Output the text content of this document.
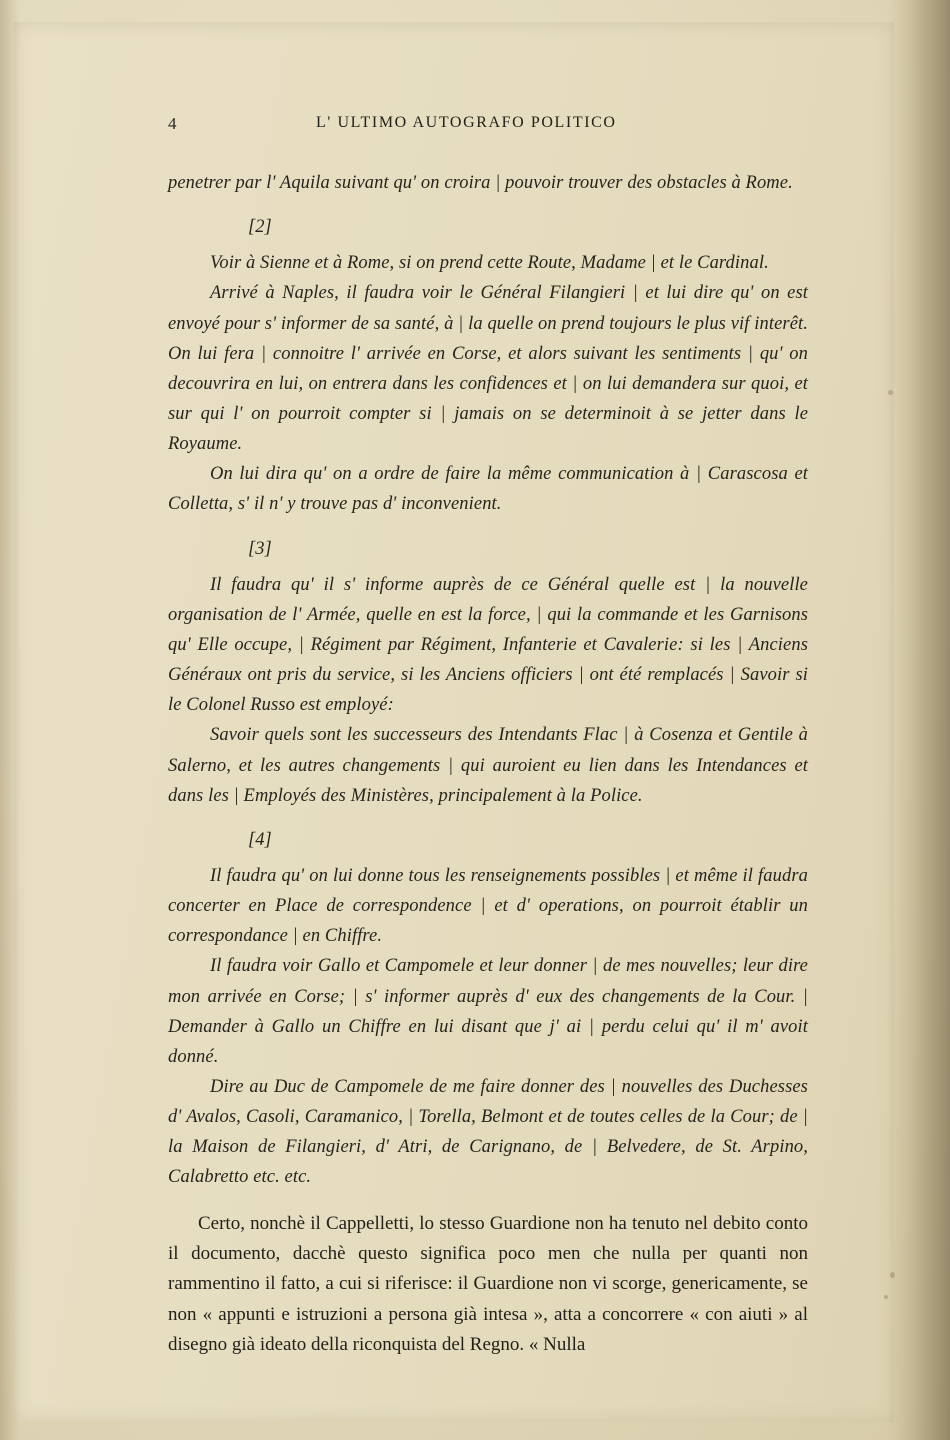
4	L' ULTIMO AUTOGRAFO POLITICO

penetrer par l' Aquila suivant qu' on croira | pouvoir trouver des obstacles à Rome.

[2]

Voir à Sienne et à Rome, si on prend cette Route, Madame | et le Cardinal.

Arrivé à Naples, il faudra voir le Général Filangieri | et lui dire qu' on est envoyé pour s' informer de sa santé, à | la quelle on prend toujours le plus vif interêt. On lui fera | connoitre l' arrivée en Corse, et alors suivant les sentiments | qu' on decouvrira en lui, on entrera dans les confidences et | on lui demandera sur quoi, et sur qui l' on pourroit compter si | jamais on se determinoit à se jetter dans le Royaume.

On lui dira qu' on a ordre de faire la même communication à | Carascosa et Colletta, s' il n' y trouve pas d' inconvenient.

[3]

Il faudra qu' il s' informe auprès de ce Général quelle est | la nouvelle organisation de l' Armée, quelle en est la force, | qui la commande et les Garnisons qu' Elle occupe, | Régiment par Régiment, Infanterie et Cavalerie: si les | Anciens Généraux ont pris du service, si les Anciens officiers | ont été remplacés | Savoir si le Colonel Russo est employé:

Savoir quels sont les successeurs des Intendants Flac | à Cosenza et Gentile à Salerno, et les autres changements | qui auroient eu lien dans les Intendances et dans les | Employés des Ministères, principalement à la Police.

[4]

Il faudra qu' on lui donne tous les renseignements possibles | et même il faudra concerter en Place de correspondence | et d' operations, on pourroit établir un correspondance | en Chiffre.

Il faudra voir Gallo et Campomele et leur donner | de mes nouvelles; leur dire mon arrivée en Corse; | s' informer auprès d' eux des changements de la Cour. | Demander à Gallo un Chiffre en lui disant que j' ai | perdu celui qu' il m' avoit donné.

Dire au Duc de Campomele de me faire donner des | nouvelles des Duchesses d' Avalos, Casoli, Caramanico, | Torella, Belmont et de toutes celles de la Cour; de | la Maison de Filangieri, d' Atri, de Carignano, de | Belvedere, de St. Arpino, Calabretto etc. etc.

Certo, nonchè il Cappelletti, lo stesso Guardione non ha tenuto nel debito conto il documento, dacchè questo significa poco men che nulla per quanti non rammentino il fatto, a cui si riferisce: il Guardione non vi scorge, genericamente, se non « appunti e istruzioni a persona già intesa », atta a concorrere « con aiuti » al disegno già ideato della riconquista del Regno. « Nulla
